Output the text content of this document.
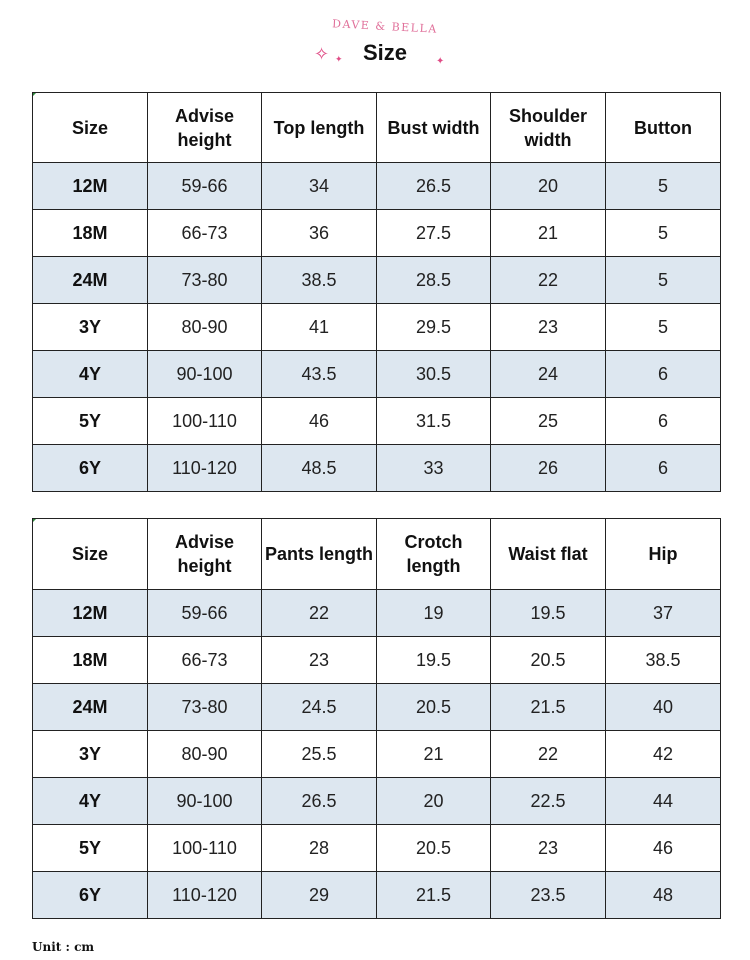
DAVE & BELLA
✧ ✦	✦
Size
Size	Advise height	Top length	Bust width	Shoulder width	Button
12M	59-66	34	26.5	20	5
18M	66-73	36	27.5	21	5
24M	73-80	38.5	28.5	22	5
3Y	80-90	41	29.5	23	5
4Y	90-100	43.5	30.5	24	6
5Y	100-110	46	31.5	25	6
6Y	110-120	48.5	33	26	6
Size	Advise height	Pants length	Crotch length	Waist flat	Hip
12M	59-66	22	19	19.5	37
18M	66-73	23	19.5	20.5	38.5
24M	73-80	24.5	20.5	21.5	40
3Y	80-90	25.5	21	22	42
4Y	90-100	26.5	20	22.5	44
5Y	100-110	28	20.5	23	46
6Y	110-120	29	21.5	23.5	48
Unit : cm
